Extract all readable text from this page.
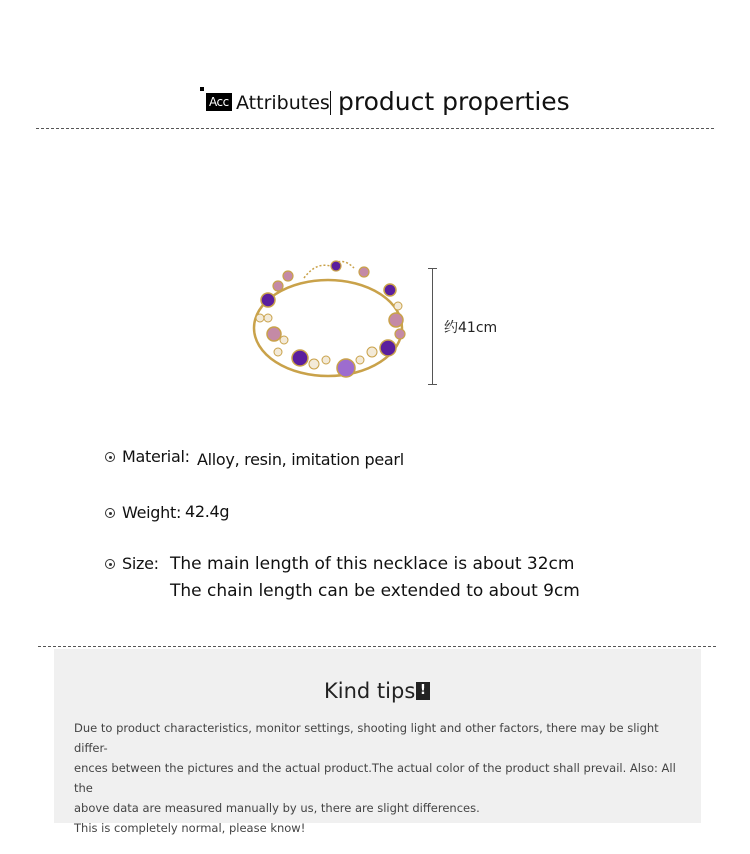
Acc Attributes product properties
约41cm
Material: Alloy, resin, imitation pearl
Weight: 42.4g
Size: The main length of this necklace is about 32cm
The chain length can be extended to about 9cm
Kind tips !

Due to product characteristics, monitor settings, shooting light and other factors, there may be slight differ-

ences between the pictures and the actual product.The actual color of the product shall prevail. Also: All the

above data are measured manually by us, there are slight differences.

This is completely normal, please know!
